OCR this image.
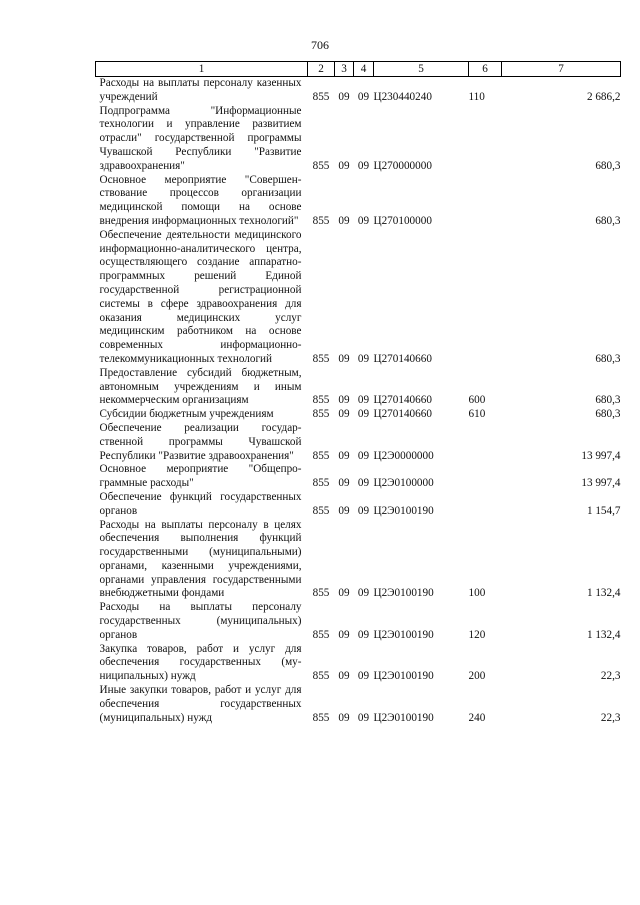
706
1	2	3	4	5	6	7
Расходы на выплаты персоналу казенных учреждений	855	09	09	Ц230440240	110	2 686,2
Подпрограмма "Информационные технологии и управление развитием отрасли" государственной программы Чувашской Республики "Развитие здравоохранения"	855	09	09	Ц270000000		680,3
Основное мероприятие "Совершенствование процессов организации медицинской помощи на основе внедрения информационных технологий"	855	09	09	Ц270100000		680,3
Обеспечение деятельности медицинского информационно-аналитического центра, осуществляющего создание аппаратно-программных решений Единой государственной регистрационной системы в сфере здравоохранения для оказания медицинских услуг медицинским работником на основе современных информационно-телекоммуникационных технологий	855	09	09	Ц270140660		680,3
Предоставление субсидий бюджетным, автономным учреждениям и иным некоммерческим организациям	855	09	09	Ц270140660	600	680,3
Субсидии бюджетным учреждениям	855	09	09	Ц270140660	610	680,3
Обеспечение реализации государственной программы Чувашской Республики "Развитие здравоохранения"	855	09	09	Ц2Э0000000		13 997,4
Основное мероприятие "Общепрограммные расходы"	855	09	09	Ц2Э0100000		13 997,4
Обеспечение функций государственных органов	855	09	09	Ц2Э0100190		1 154,7
Расходы на выплаты персоналу в целях обеспечения выполнения функций государственными (муниципальными) органами, казенными учреждениями, органами управления государственными внебюджетными фондами	855	09	09	Ц2Э0100190	100	1 132,4
Расходы на выплаты персоналу государственных (муниципальных) органов	855	09	09	Ц2Э0100190	120	1 132,4
Закупка товаров, работ и услуг для обеспечения государственных (муниципальных) нужд	855	09	09	Ц2Э0100190	200	22,3
Иные закупки товаров, работ и услуг для обеспечения государственных (муниципальных) нужд	855	09	09	Ц2Э0100190	240	22,3
